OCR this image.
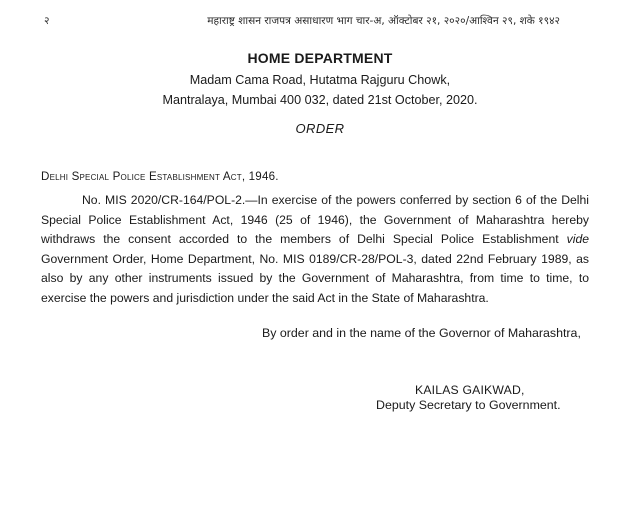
२	महाराष्ट्र शासन राजपत्र असाधारण भाग चार-अ, ऑक्टोबर २१, २०२०/आश्विन २९, शके १९४२
HOME DEPARTMENT
Madam Cama Road, Hutatma Rajguru Chowk,
Mantralaya, Mumbai 400 032, dated 21st October, 2020.
ORDER
Delhi Special Police Establishment Act, 1946.

No. MIS 2020/CR-164/POL-2.—In exercise of the powers conferred by section 6 of the Delhi Special Police Establishment Act, 1946 (25 of 1946), the Government of Maharashtra hereby withdraws the consent accorded to the members of Delhi Special Police Establishment vide Government Order, Home Department, No. MIS 0189/CR-28/POL-3, dated 22nd February 1989, as also by any other instruments issued by the Government of Maharashtra, from time to time, to exercise the powers and jurisdiction under the said Act in the State of Maharashtra.

By order and in the name of the Governor of Maharashtra,
KAILAS GAIKWAD,
Deputy Secretary to Government.
